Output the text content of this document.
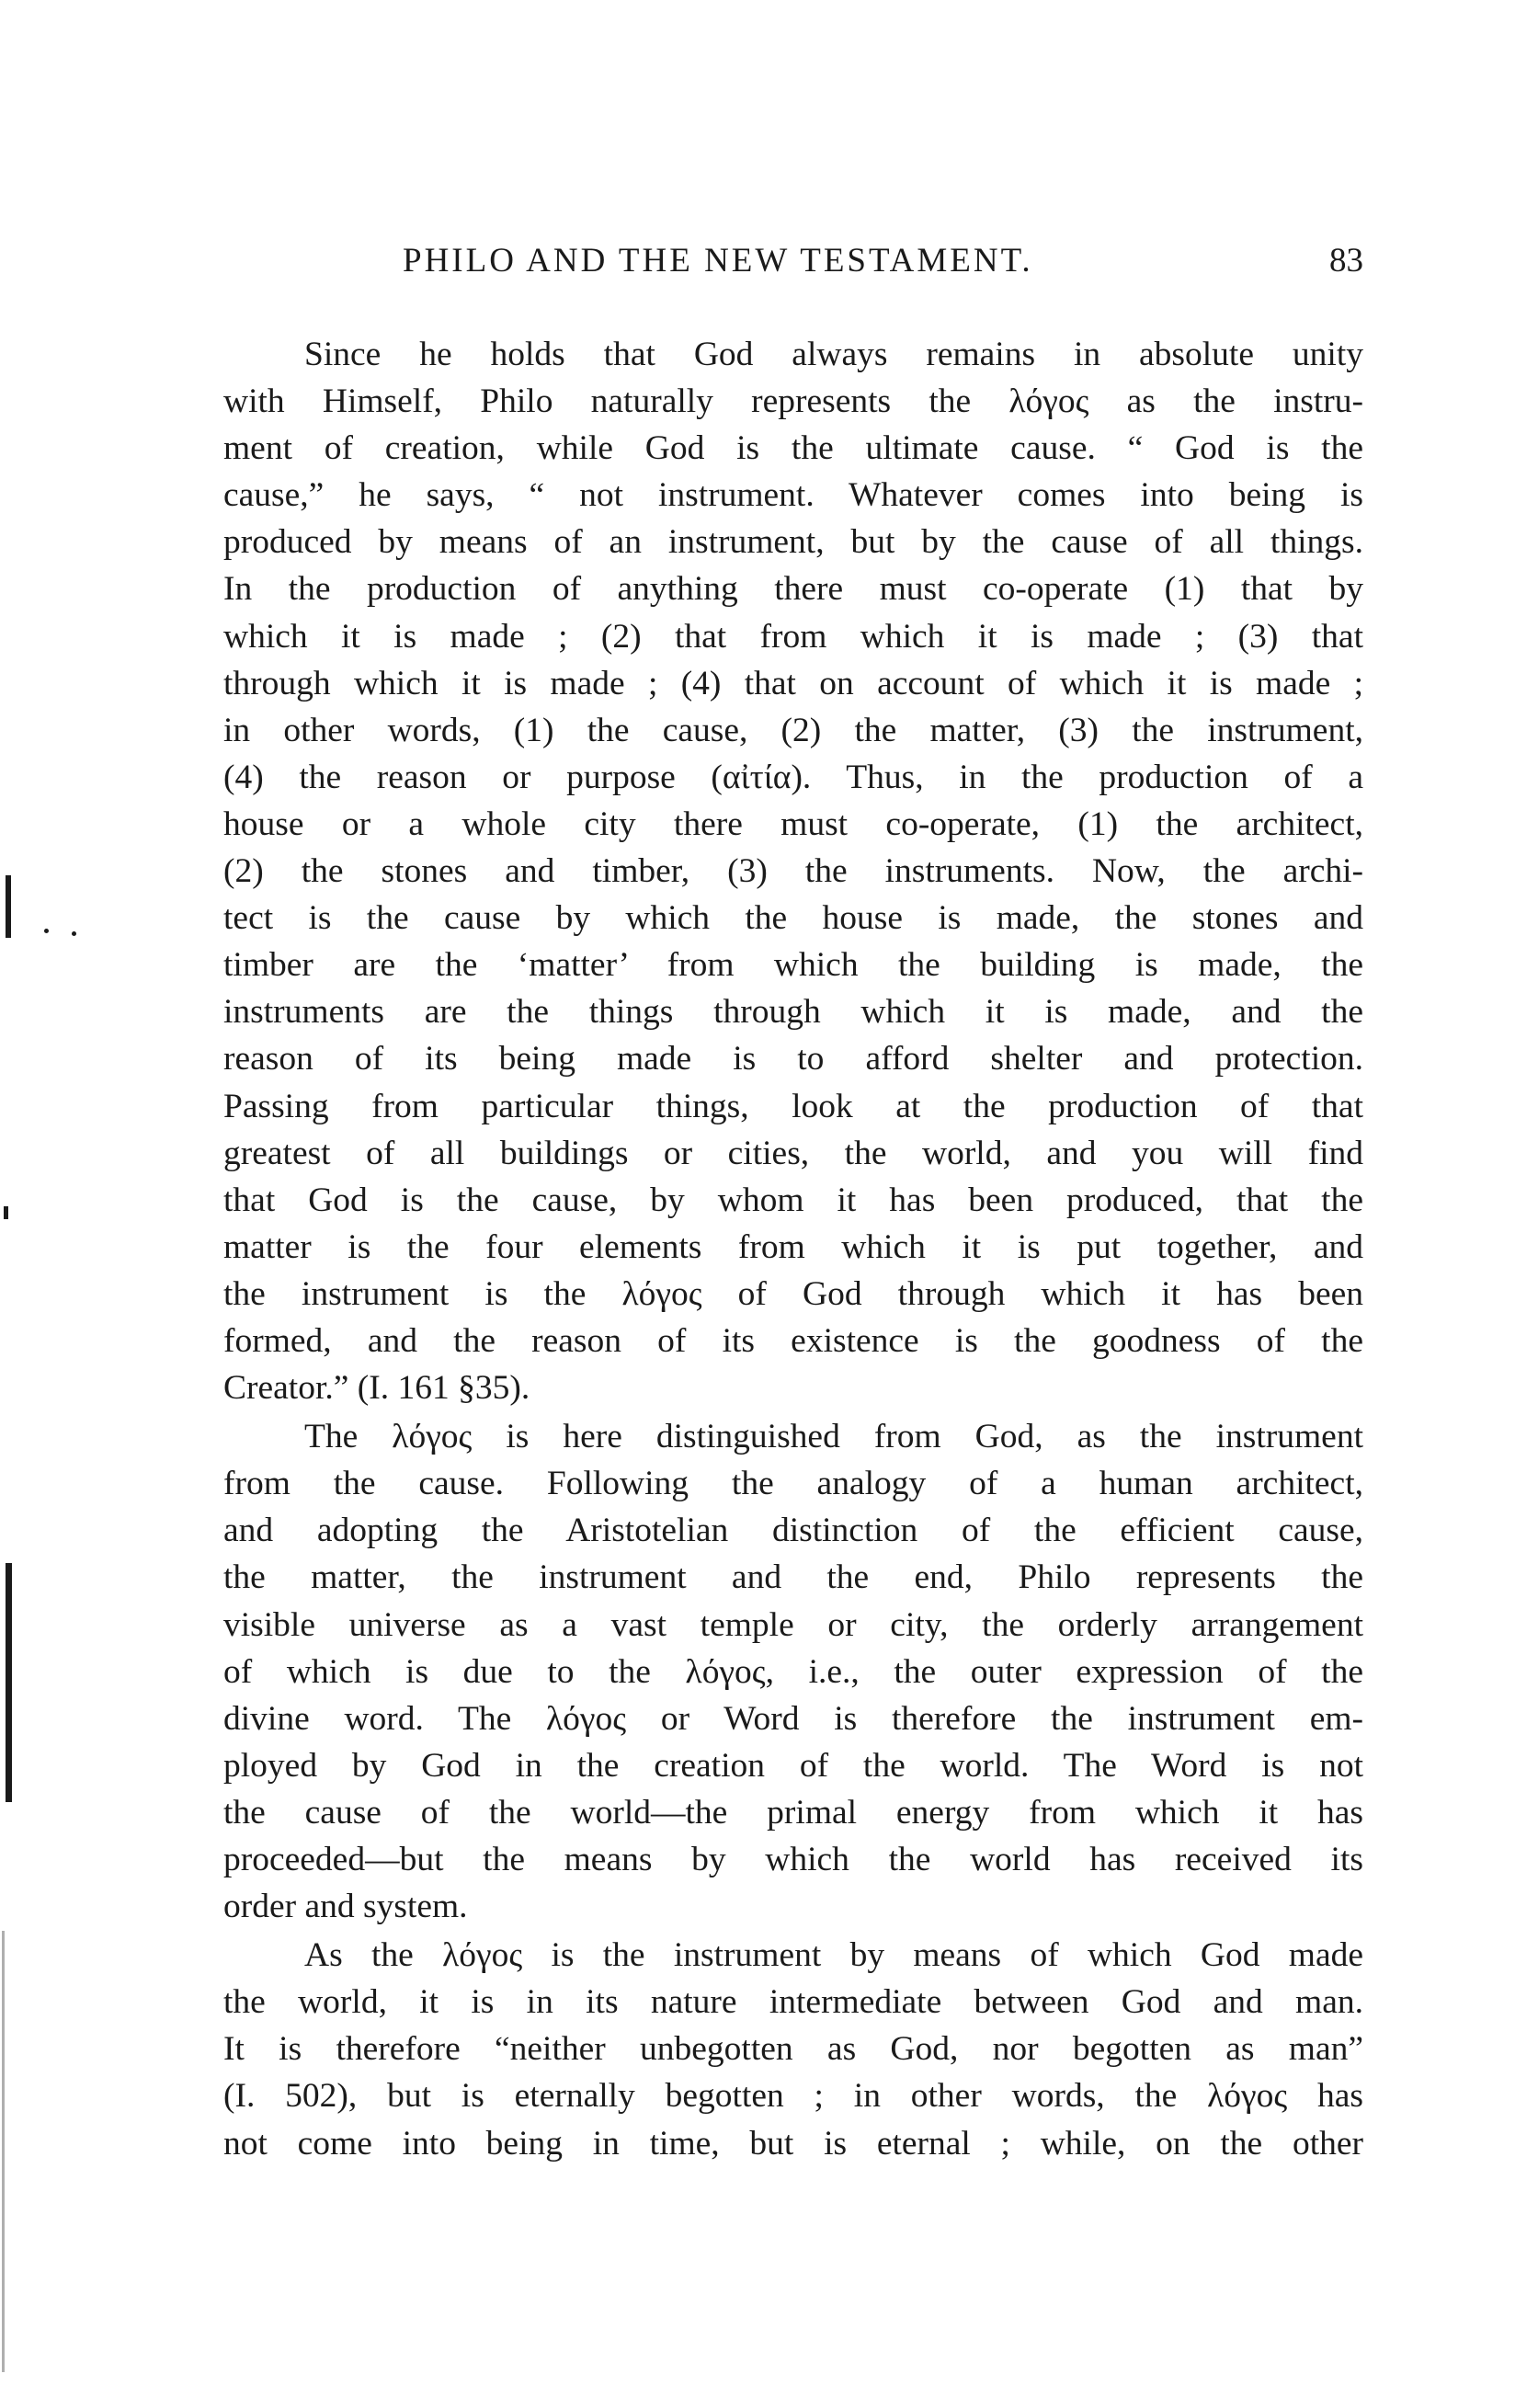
PHILO AND THE NEW TESTAMENT.	83
Since he holds that God always remains in absolute unity
with Himself, Philo naturally represents the λόγος as the instru-
ment of creation, while God is the ultimate cause. “ God is the
cause,” he says, “ not instrument. Whatever comes into being is
produced by means of an instrument, but by the cause of all things.
In the production of anything there must co-operate (1) that by
which it is made ; (2) that from which it is made ; (3) that
through which it is made ; (4) that on account of which it is made ;
in other words, (1) the cause, (2) the matter, (3) the instrument,
(4) the reason or purpose (αἰτία). Thus, in the production of a
house or a whole city there must co-operate, (1) the architect,
(2) the stones and timber, (3) the instruments. Now, the archi-
tect is the cause by which the house is made, the stones and
timber are the ‘matter’ from which the building is made, the
instruments are the things through which it is made, and the
reason of its being made is to afford shelter and protection.
Passing from particular things, look at the production of that
greatest of all buildings or cities, the world, and you will find
that God is the cause, by whom it has been produced, that the
matter is the four elements from which it is put together, and
the instrument is the λόγος of God through which it has been
formed, and the reason of its existence is the goodness of the
Creator.” (I. 161 §35).
The λόγος is here distinguished from God, as the instrument
from the cause. Following the analogy of a human architect,
and adopting the Aristotelian distinction of the efficient cause,
the matter, the instrument and the end, Philo represents the
visible universe as a vast temple or city, the orderly arrangement
of which is due to the λόγος, i.e., the outer expression of the
divine word. The λόγος or Word is therefore the instrument em-
ployed by God in the creation of the world. The Word is not
the cause of the world—the primal energy from which it has
proceeded—but the means by which the world has received its
order and system.
As the λόγος is the instrument by means of which God made
the world, it is in its nature intermediate between God and man.
It is therefore “neither unbegotten as God, nor begotten as man”
(I. 502), but is eternally begotten ; in other words, the λόγος has
not come into being in time, but is eternal ; while, on the other
